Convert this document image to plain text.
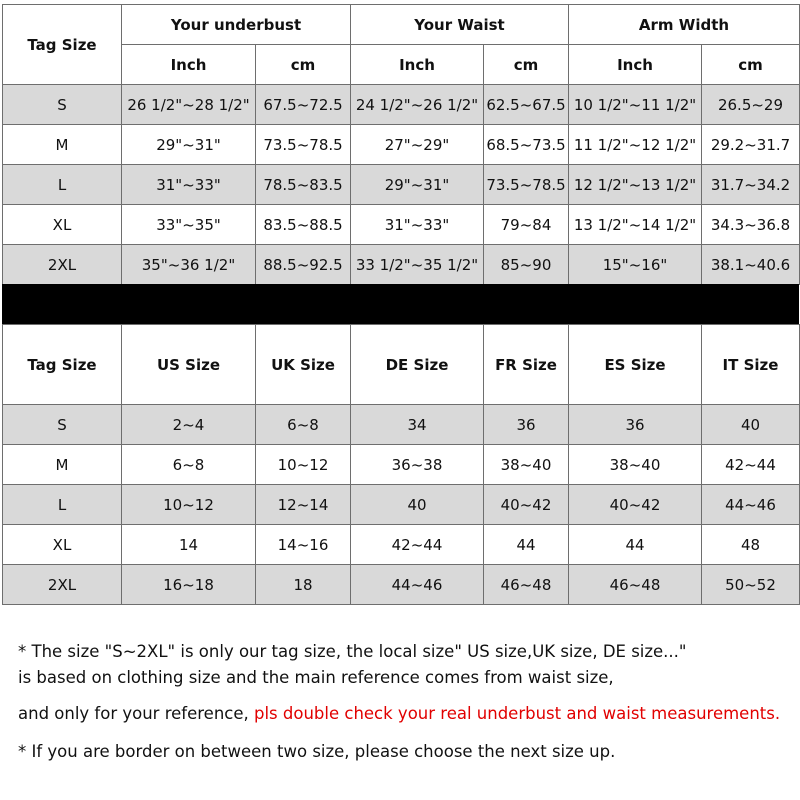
Tag Size	Your underbust		Your Waist		Arm Width	
	Inch	cm	Inch	cm	Inch	cm
S	26 1/2"~28 1/2"	67.5~72.5	24 1/2"~26 1/2"	62.5~67.5	10 1/2"~11 1/2"	26.5~29
M	29"~31"	73.5~78.5	27"~29"	68.5~73.5	11 1/2"~12 1/2"	29.2~31.7
L	31"~33"	78.5~83.5	29"~31"	73.5~78.5	12 1/2"~13 1/2"	31.7~34.2
XL	33"~35"	83.5~88.5	31"~33"	79~84	13 1/2"~14 1/2"	34.3~36.8
2XL	35"~36 1/2"	88.5~92.5	33 1/2"~35 1/2"	85~90	15"~16"	38.1~40.6
Tag Size	US Size	UK Size	DE Size	FR Size	ES Size	IT Size
S	2~4	6~8	34	36	36	40
M	6~8	10~12	36~38	38~40	38~40	42~44
L	10~12	12~14	40	40~42	40~42	44~46
XL	14	14~16	42~44	44	44	48
2XL	16~18	18	44~46	46~48	46~48	50~52

* The size "S~2XL" is only our tag size, the local size" US size,UK size, DE size..."

is based on clothing size and the main reference comes from waist size,

and only for your reference, pls double check your real underbust and waist measurements.

* If you are border on between two size, please choose the next size up.
